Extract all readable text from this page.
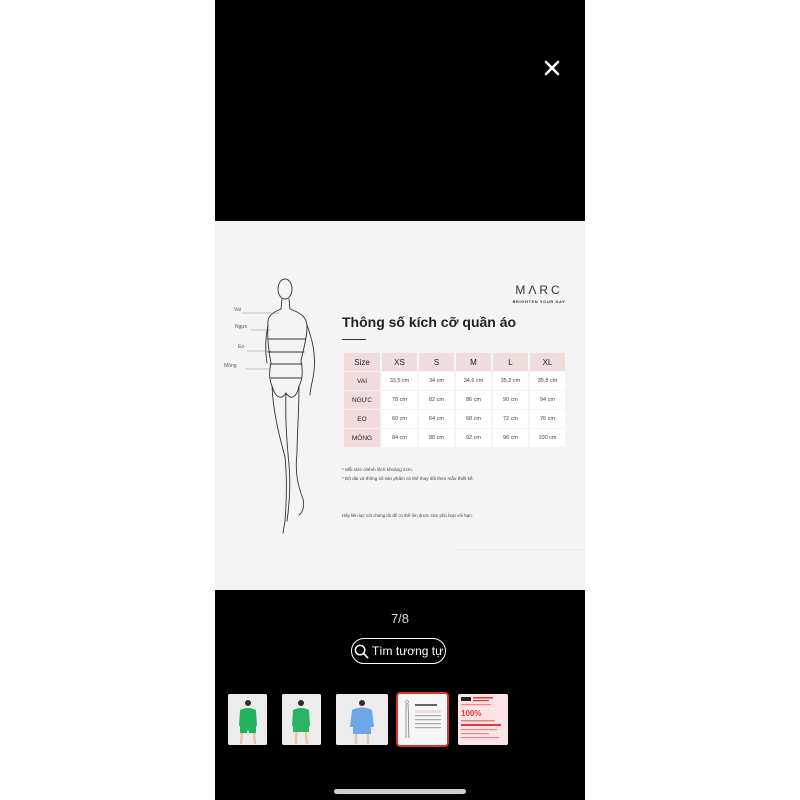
Vai
Ngực
Eo
Mông
MΛRC
BRIGHTEN YOUR DAY
Thông số kích cỡ quần áo
Size	XS	S	M	L	XL
VAI	33,5 cm	34 cm	34,6 cm	35,2 cm	35,8 cm
NGỰC	78 cm	82 cm	86 cm	90 cm	94 cm
EO	60 cm	64 cm	68 cm	72 cm	76 cm
MÔNG	84 cm	88 cm	92 cm	96 cm	100 cm
* Mỗi size chênh lệch khoảng 4cm.
* Độ dài và thông số sản phẩm có thể thay đổi theo mẫu thiết kế.
Hãy liên lạc với chúng tôi để có thể tìm được size phù hợp với bạn.
7/8
Tìm tương tự
100%
